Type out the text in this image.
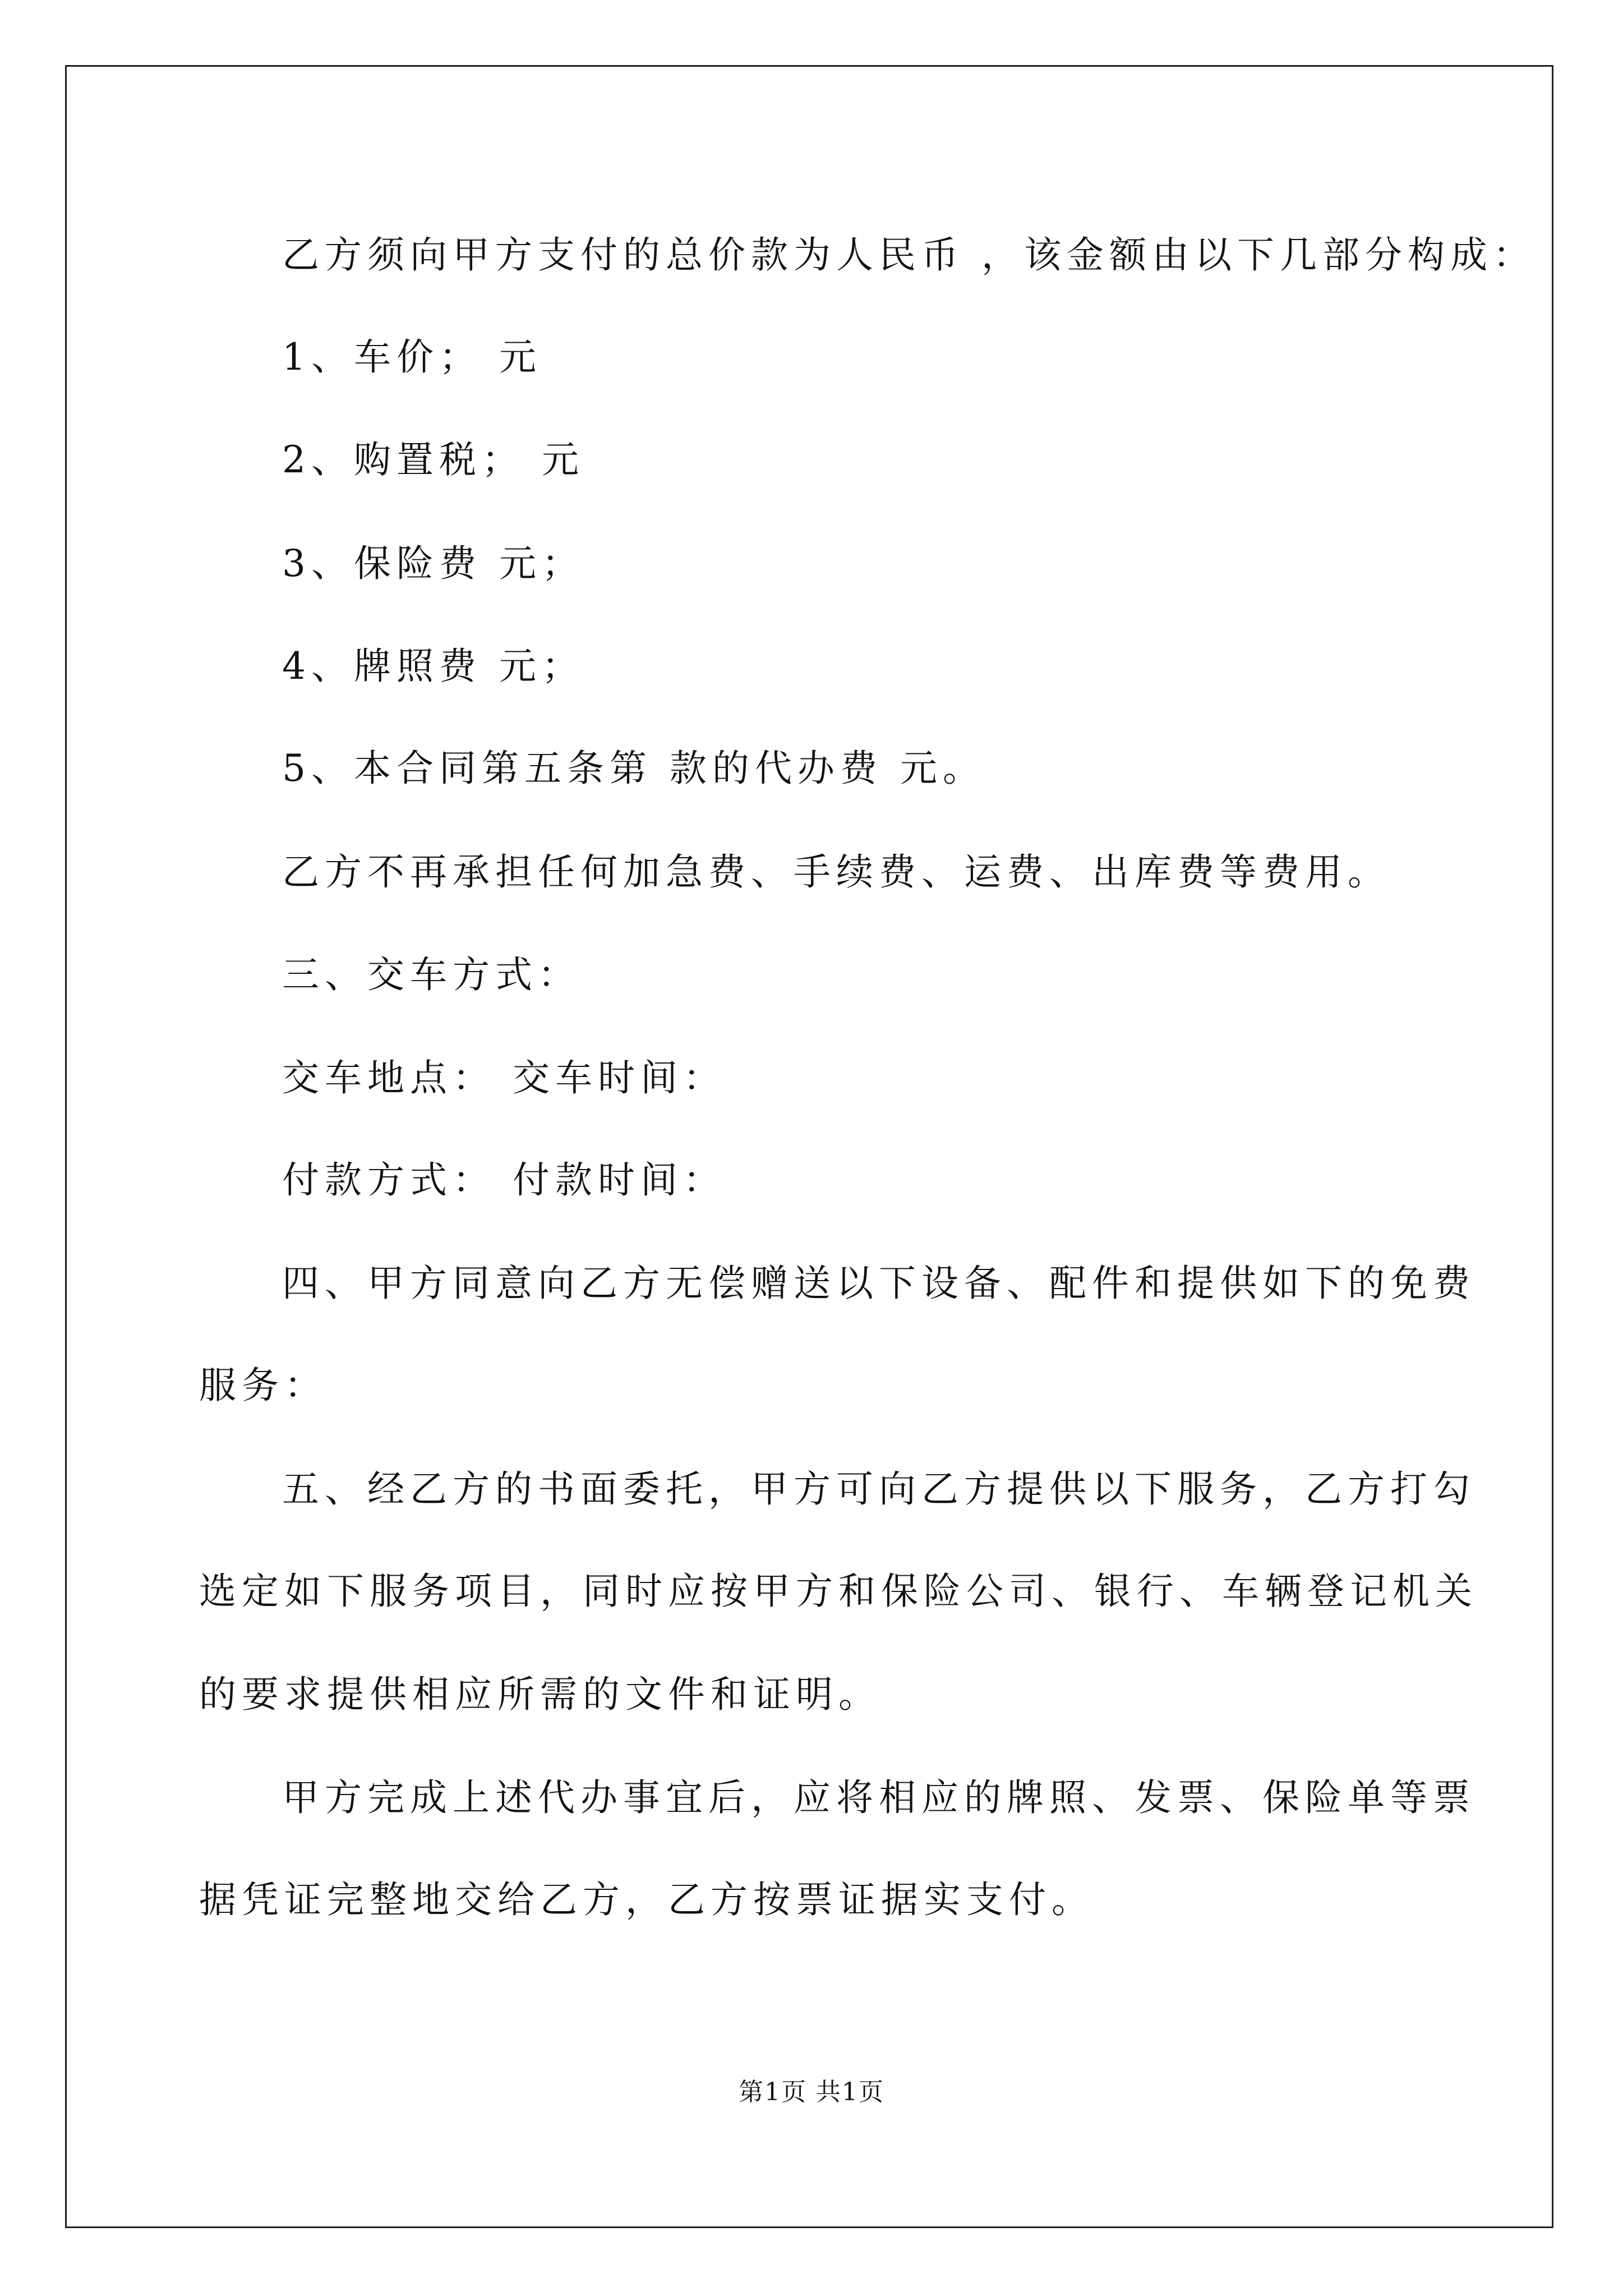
乙方须向甲方支付的总价款为人民币 ，该金额由以下几部分构成：
1、车价； 元
2、购置税； 元
3、保险费 元；
4、牌照费 元；
5、本合同第五条第 款的代办费 元。
乙方不再承担任何加急费、手续费、运费、出库费等费用。
三、交车方式：
交车地点： 交车时间：
付款方式： 付款时间：
四、甲方同意向乙方无偿赠送以下设备、配件和提供如下的免费
服务：
五、经乙方的书面委托，甲方可向乙方提供以下服务，乙方打勾
选定如下服务项目，同时应按甲方和保险公司、银行、车辆登记机关
的要求提供相应所需的文件和证明。
甲方完成上述代办事宜后，应将相应的牌照、发票、保险单等票
据凭证完整地交给乙方，乙方按票证据实支付。
第1页 共1页
